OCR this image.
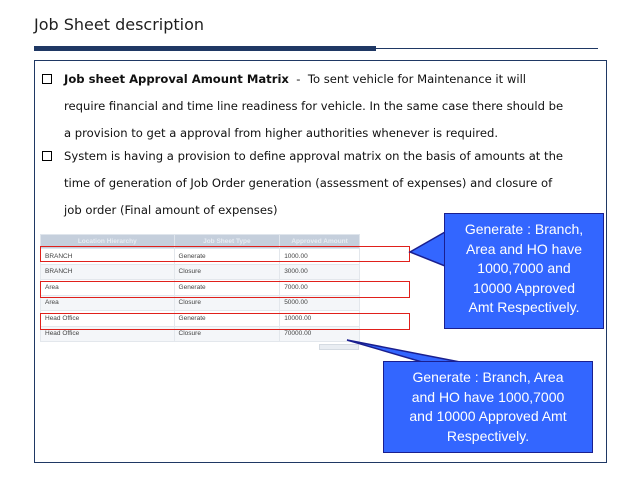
Job Sheet description
Job sheet Approval Amount Matrix  -  To sent vehicle for Maintenance it will
require financial and time line readiness for vehicle. In the same case there should be
a provision to get a approval from higher authorities whenever is required.
System is having a provision to define approval matrix on the basis of amounts at the
time of generation of Job Order generation (assessment of expenses) and closure of
job order (Final amount of expenses)
Location Hierarchy	Job Sheet Type	Approved Amount
BRANCH	Generate	1000.00
BRANCH	Closure	3000.00
Area	Generate	7000.00
Area	Closure	5000.00
Head Office	Generate	10000.00
Head Office	Closure	70000.00
Generate : Branch,
Area and HO have
1000,7000 and
10000 Approved
Amt Respectively.
Generate : Branch, Area
and HO have 1000,7000
and 10000 Approved Amt
Respectively.
